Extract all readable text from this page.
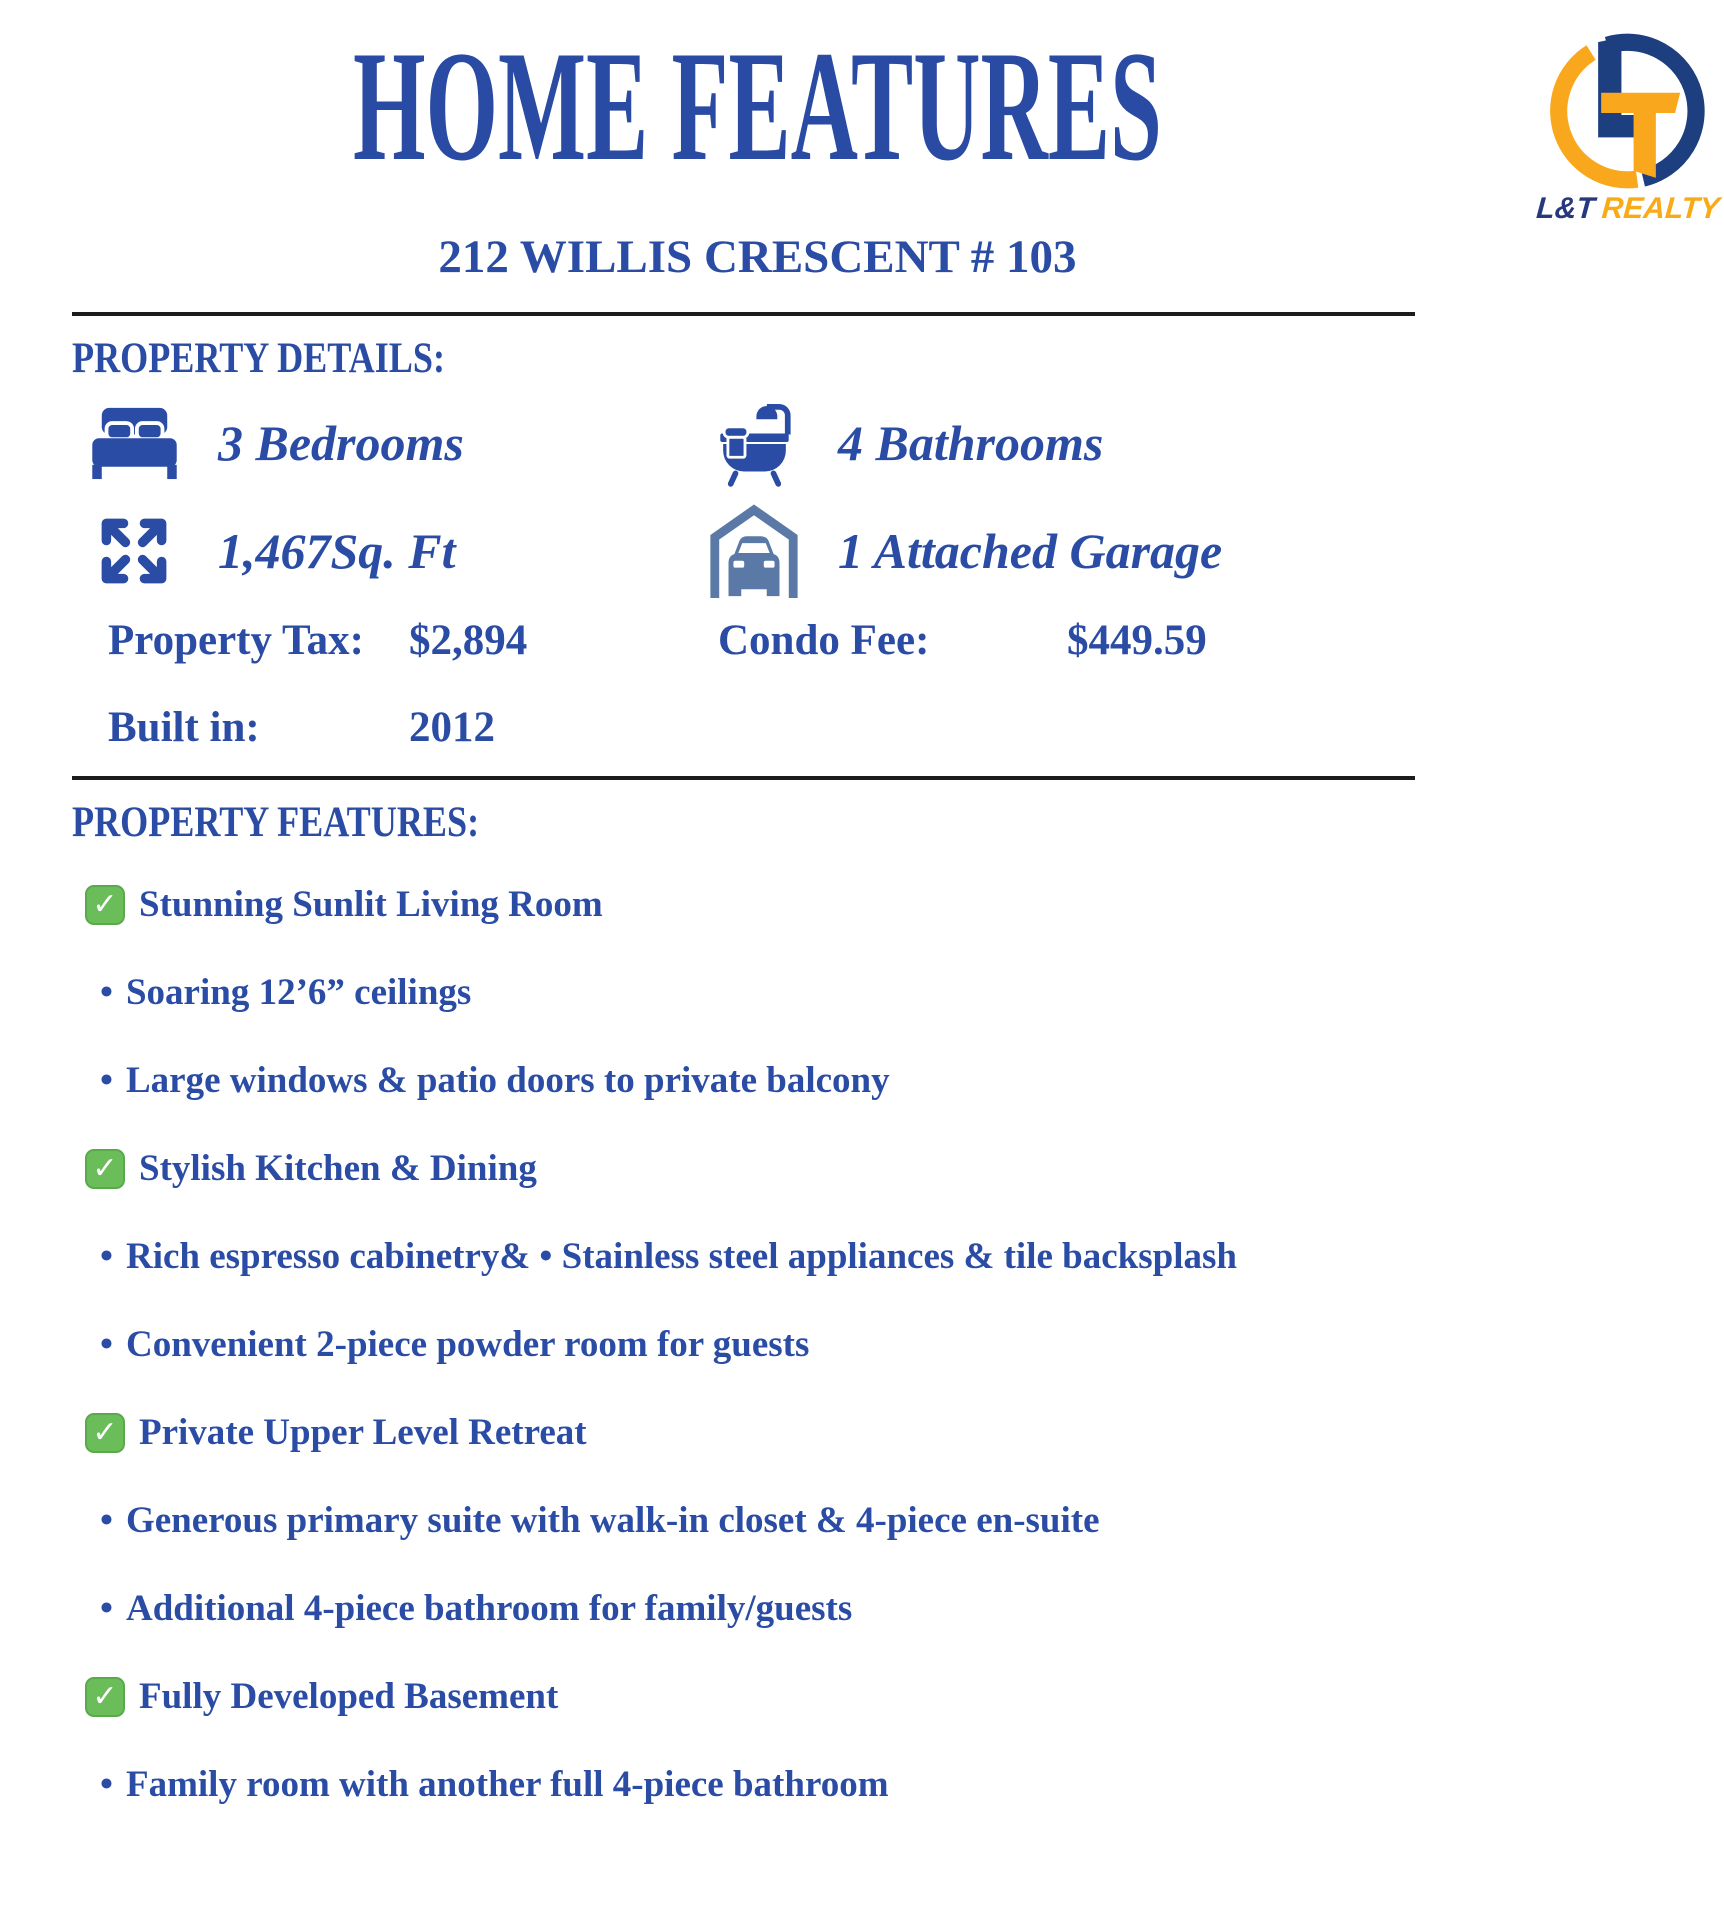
HOME FEATURES
212 WILLIS CRESCENT # 103
L&T REALTY
PROPERTY DETAILS:
3 Bedrooms	4 Bathrooms
1,467Sq. Ft	1 Attached Garage
Property Tax: $2,894	Condo Fee:	$449.59
Built in:	2012
PROPERTY FEATURES:
✓ Stunning Sunlit Living Room
• Soaring 12’6” ceilings
• Large windows & patio doors to private balcony
✓ Stylish Kitchen & Dining
• Rich espresso cabinetry& • Stainless steel appliances & tile backsplash
• Convenient 2-piece powder room for guests
✓ Private Upper Level Retreat
• Generous primary suite with walk-in closet & 4-piece en-suite
• Additional 4-piece bathroom for family/guests
✓ Fully Developed Basement
• Family room with another full 4-piece bathroom
